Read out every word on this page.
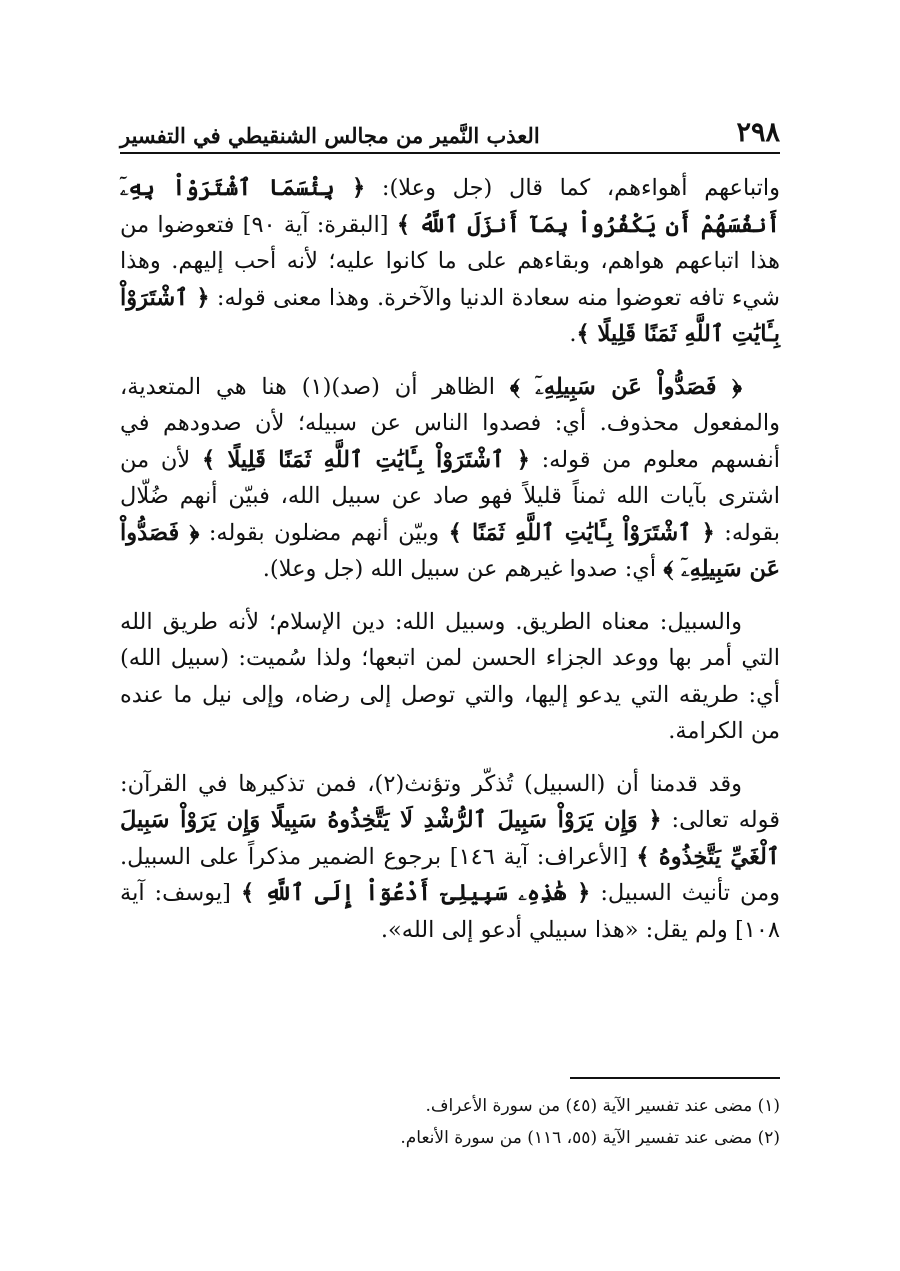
٢٩٨
العذب النَّمير من مجالس الشنقيطي في التفسير

واتباعهم أهواءهم، كما قال (جل وعلا): ﴿ بِئْسَمَا ٱشْتَرَوْاْ بِهِۦٓ أَنفُسَهُمْ أَن يَكْفُرُواْ بِمَآ أَنزَلَ ٱللَّهُ ﴾ [البقرة: آية ٩٠] فتعوضوا من هذا اتباعهم هواهم، وبقاءهم على ما كانوا عليه؛ لأنه أحب إليهم. وهذا شيء تافه تعوضوا منه سعادة الدنيا والآخرة. وهذا معنى قوله: ﴿ ٱشْتَرَوْاْ بِـَٔايَٰتِ ٱللَّهِ ثَمَنًا قَلِيلًا ﴾.

﴿ فَصَدُّواْ عَن سَبِيلِهِۦٓ ﴾ الظاهر أن (صد)(١) هنا هي المتعدية، والمفعول محذوف. أي: فصدوا الناس عن سبيله؛ لأن صدودهم في أنفسهم معلوم من قوله: ﴿ ٱشْتَرَوْاْ بِـَٔايَٰتِ ٱللَّهِ ثَمَنًا قَلِيلًا ﴾ لأن من اشترى بآيات الله ثمناً قليلاً فهو صاد عن سبيل الله، فبيّن أنهم ضُلّال بقوله: ﴿ ٱشْتَرَوْاْ بِـَٔايَٰتِ ٱللَّهِ ثَمَنًا ﴾ وبيّن أنهم مضلون بقوله: ﴿ فَصَدُّواْ عَن سَبِيلِهِۦٓ ﴾ أي: صدوا غيرهم عن سبيل الله (جل وعلا).

والسبيل: معناه الطريق. وسبيل الله: دين الإسلام؛ لأنه طريق الله التي أمر بها ووعد الجزاء الحسن لمن اتبعها؛ ولذا سُميت: (سبيل الله) أي: طريقه التي يدعو إليها، والتي توصل إلى رضاه، وإلى نيل ما عنده من الكرامة.

وقد قدمنا أن (السبيل) تُذكّر وتؤنث(٢)، فمن تذكيرها في القرآن: قوله تعالى: ﴿ وَإِن يَرَوْاْ سَبِيلَ ٱلرُّشْدِ لَا يَتَّخِذُوهُ سَبِيلًا وَإِن يَرَوْاْ سَبِيلَ ٱلْغَيِّ يَتَّخِذُوهُ ﴾ [الأعراف: آية ١٤٦] برجوع الضمير مذكراً على السبيل. ومن تأنيث السبيل: ﴿ هَٰذِهِۦ سَبِيلِىٓ أَدْعُوٓاْ إِلَى ٱللَّهِ ﴾ [يوسف: آية ١٠٨] ولم يقل: «هذا سبيلي أدعو إلى الله».

(١) مضى عند تفسير الآية (٤٥) من سورة الأعراف.
(٢) مضى عند تفسير الآية (٥٥، ١١٦) من سورة الأنعام.
